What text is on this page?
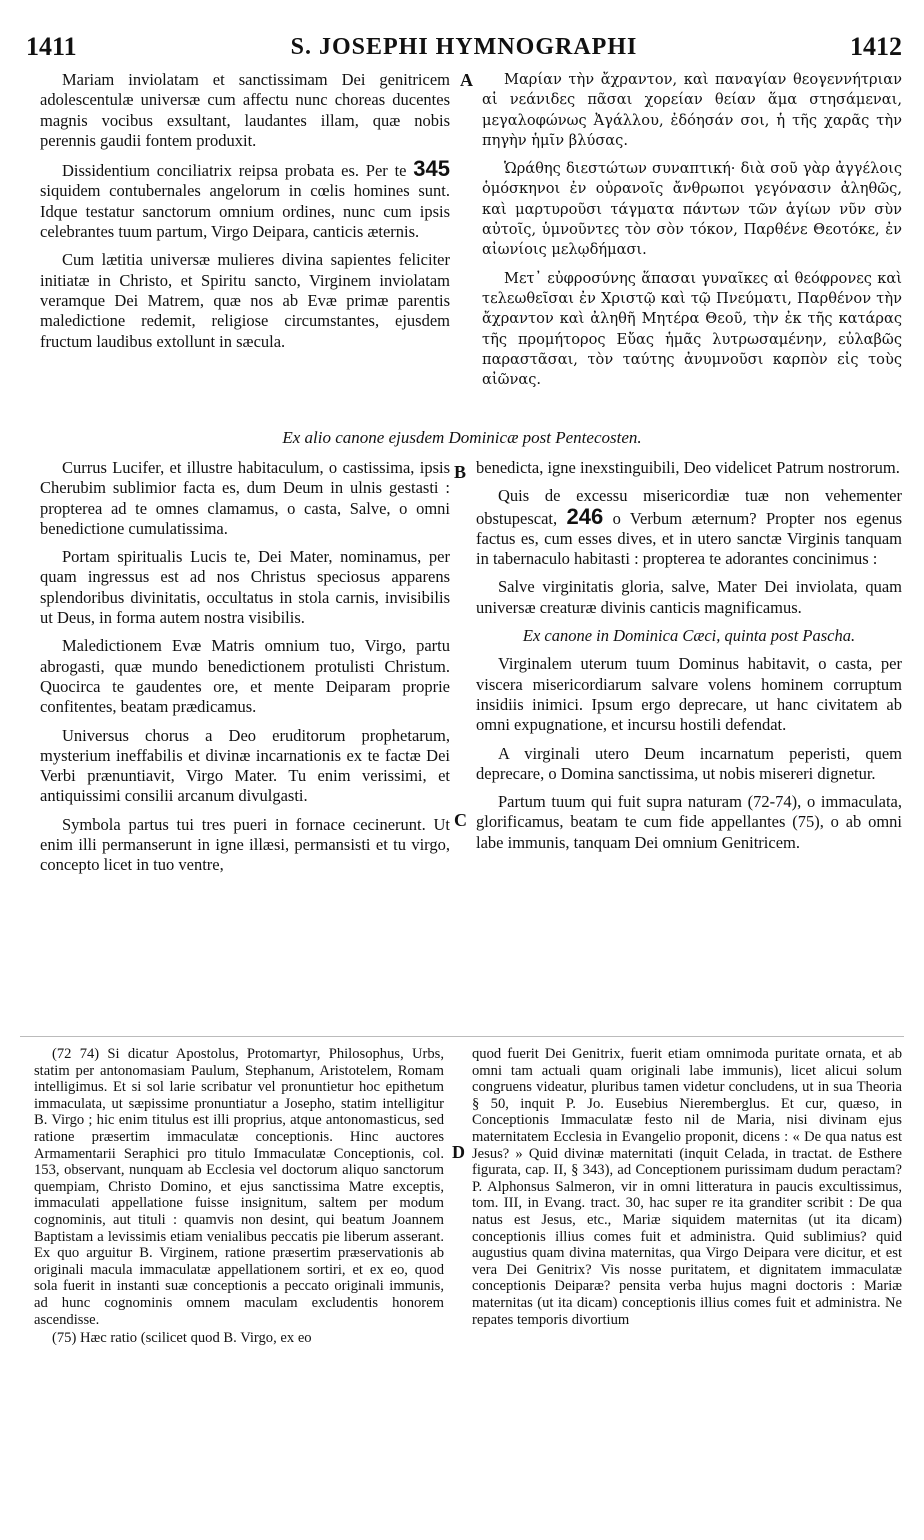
1411	S. JOSEPHI HYMNOGRAPHI	1412

Mariam inviolatam et sanctissimam Dei genitricem adolescentulæ universæ cum affectu nunc choreas ducentes magnis vocibus exsultant, laudantes illam, quæ nobis perennis gaudii fontem produxit.

Dissidentium conciliatrix reipsa probata es. Per te 345 siquidem contubernales angelorum in cœlis homines sunt. Idque testatur sanctorum omnium ordines, nunc cum ipsis celebrantes tuum partum, Virgo Deipara, canticis æternis.

Cum lætitia universæ mulieres divina sapientes feliciter initiatæ in Christo, et Spiritu sancto, Virginem inviolatam veramque Dei Matrem, quæ nos ab Evæ primæ parentis maledictione redemit, religiose circumstantes, ejusdem fructum laudibus extollunt in sæcula.

A	Μαρίαν τὴν ἄχραντον, καὶ παναγίαν θεογεννήτριαν αἱ νεάνιδες πᾶσαι χορείαν θείαν ἅμα στησάμεναι, μεγαλοφώνως Ἀγάλλου, ἐδόησάν σοι, ἡ τῆς χαρᾶς τὴν πηγὴν ἡμῖν βλύσας.

Ὡράθης διεστώτων συναπτική· διὰ σοῦ γὰρ ἀγγέλοις ὁμόσκηνοι ἐν οὐρανοῖς ἄνθρωποι γεγόνασιν ἀληθῶς, καὶ μαρτυροῦσι τάγματα πάντων τῶν ἁγίων νῦν σὺν αὐτοῖς, ὑμνοῦντες τὸν σὸν τόκον, Παρθένε Θεοτόκε, ἐν αἰωνίοις μελῳδήμασι.

Μετ᾽ εὐφροσύνης ἅπασαι γυναῖκες αἱ θεόφρονες καὶ τελεωθεῖσαι ἐν Χριστῷ καὶ τῷ Πνεύματι, Παρθένον τὴν ἄχραντον καὶ ἀληθῆ Μητέρα Θεοῦ, τὴν ἐκ τῆς κατάρας τῆς προμήτορος Εὔας ἡμᾶς λυτρωσαμένην, εὐλαβῶς παραστᾶσαι, τὸν ταύτης ἀνυμνοῦσι καρπὸν εἰς τοὺς αἰῶνας.

Ex alio canone ejusdem Dominicæ post Pentecosten.

Currus Lucifer, et illustre habitaculum, o castissima, ipsis Cherubim sublimior facta es, dum Deum in ulnis gestasti : propterea ad te omnes clamamus, o casta, Salve, o omni benedictione cumulatissima.

Portam spiritualis Lucis te, Dei Mater, nominamus, per quam ingressus est ad nos Christus speciosus apparens splendoribus divinitatis, occultatus in stola carnis, invisibilis ut Deus, in forma autem nostra visibilis.

Maledictionem Evæ Matris omnium tuo, Virgo, partu abrogasti, quæ mundo benedictionem protulisti Christum. Quocirca te gaudentes ore, et mente Deiparam proprie confitentes, beatam prædicamus.

Universus chorus a Deo eruditorum prophetarum, mysterium ineffabilis et divinæ incarnationis ex te factæ Dei Verbi prænuntiavit, Virgo Mater. Tu enim verissimi, et antiquissimi consilii arcanum divulgasti.

Symbola partus tui tres pueri in fornace cecinerunt. Ut enim illi permanserunt in igne illæsi, permansisti et tu virgo, concepto licet in tuo ventre,

B
C

benedicta, igne inexstinguibili, Deo videlicet Patrum nostrorum.

Quis de excessu misericordiæ tuæ non vehementer obstupescat, 246 o Verbum æternum? Propter nos egenus factus es, cum esses dives, et in utero sanctæ Virginis tanquam in tabernaculo habitasti : propterea te adorantes concinimus :

Salve virginitatis gloria, salve, Mater Dei inviolata, quam universæ creaturæ divinis canticis magnificamus.

Ex canone in Dominica Cæci, quinta post Pascha.

Virginalem uterum tuum Dominus habitavit, o casta, per viscera misericordiarum salvare volens hominem corruptum insidiis inimici. Ipsum ergo deprecare, ut hanc civitatem ab omni expugnatione, et incursu hostili defendat.

A virginali utero Deum incarnatum peperisti, quem deprecare, o Domina sanctissima, ut nobis misereri dignetur.

Partum tuum qui fuit supra naturam (72-74), o immaculata, glorificamus, beatam te cum fide appellantes (75), o ab omni labe immunis, tanquam Dei omnium Genitricem.

(72 74) Si dicatur Apostolus, Protomartyr, Philosophus, Urbs, statim per antonomasiam Paulum, Stephanum, Aristotelem, Romam intelligimus. Et si sol larie scribatur vel pronuntietur hoc epithetum immaculata, ut sæpissime pronuntiatur a Josepho, statim intelligitur B. Virgo ; hic enim titulus est illi proprius, atque antonomasticus, sed ratione præsertim immaculatæ conceptionis. Hinc auctores Armamentarii Seraphici pro titulo Immaculatæ Conceptionis, col. 153, observant, nunquam ab Ecclesia vel doctorum aliquo sanctorum quempiam, Christo Domino, et ejus sanctissima Matre exceptis, immaculati appellatione fuisse insignitum, saltem per modum cognominis, aut tituli : quamvis non desint, qui beatum Joannem Baptistam a levissimis etiam venialibus peccatis pie liberum asserant. Ex quo arguitur B. Virginem, ratione præsertim præservationis ab originali macula immaculatæ appellationem sortiri, et ex eo, quod sola fuerit in instanti suæ conceptionis a peccato originali immunis, ad hunc cognominis omnem maculam excludentis honorem ascendisse.

(75) Hæc ratio (scilicet quod B. Virgo, ex eo

D

quod fuerit Dei Genitrix, fuerit etiam omnimoda puritate ornata, et ab omni tam actuali quam originali labe immunis), licet alicui solum congruens videatur, pluribus tamen videtur concludens, ut in sua Theoria § 50, inquit P. Jo. Eusebius Nieremberglus. Et cur, quæso, in Conceptionis Immaculatæ festo nil de Maria, nisi divinam ejus maternitatem Ecclesia in Evangelio proponit, dicens : « De qua natus est Jesus? » Quid divinæ maternitati (inquit Celada, in tractat. de Esthere figurata, cap. II, § 343), ad Conceptionem purissimam dudum peractam? P. Alphonsus Salmeron, vir in omni litteratura in paucis excultissimus, tom. III, in Evang. tract. 30, hac super re ita granditer scribit : De qua natus est Jesus, etc., Mariæ siquidem maternitas (ut ita dicam) conceptionis illius comes fuit et administra. Quid sublimius? quid augustius quam divina maternitas, qua Virgo Deipara vere dicitur, et est vera Dei Genitrix? Vis nosse puritatem, et dignitatem immaculatæ conceptionis Deiparæ? pensita verba hujus magni doctoris : Mariæ maternitas (ut ita dicam) conceptionis illius comes fuit et administra. Ne repates temporis divortium
